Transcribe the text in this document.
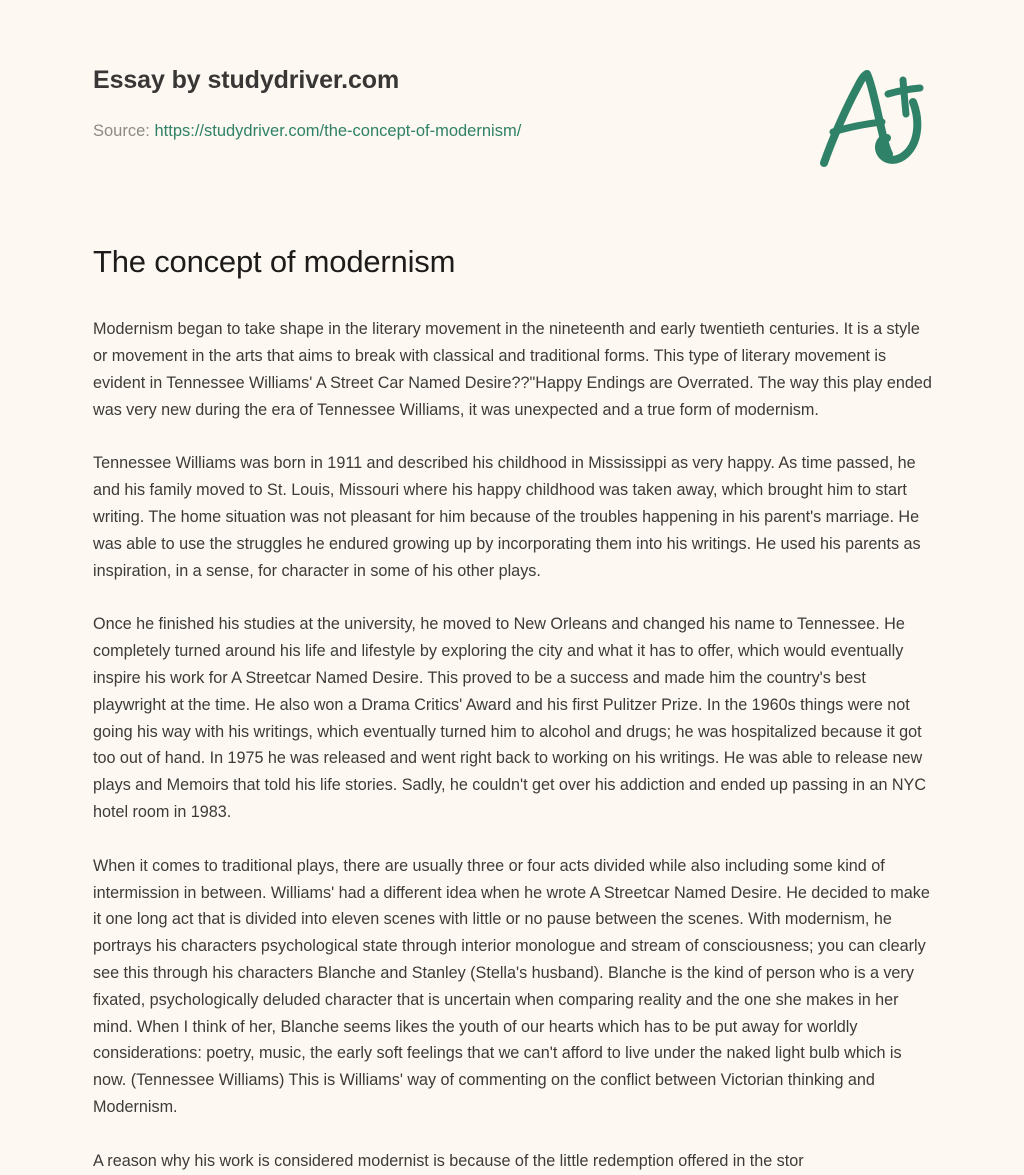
Essay by studydriver.com
Source: https://studydriver.com/the-concept-of-modernism/
The concept of modernism

Modernism began to take shape in the literary movement in the nineteenth and early twentieth centuries. It is a style or movement in the arts that aims to break with classical and traditional forms. This type of literary movement is evident in Tennessee Williams' A Street Car Named Desire??"Happy Endings are Overrated. The way this play ended was very new during the era of Tennessee Williams, it was unexpected and a true form of modernism.

Tennessee Williams was born in 1911 and described his childhood in Mississippi as very happy. As time passed, he and his family moved to St. Louis, Missouri where his happy childhood was taken away, which brought him to start writing. The home situation was not pleasant for him because of the troubles happening in his parent's marriage. He was able to use the struggles he endured growing up by incorporating them into his writings. He used his parents as inspiration, in a sense, for character in some of his other plays.

Once he finished his studies at the university, he moved to New Orleans and changed his name to Tennessee. He completely turned around his life and lifestyle by exploring the city and what it has to offer, which would eventually inspire his work for A Streetcar Named Desire. This proved to be a success and made him the country's best playwright at the time. He also won a Drama Critics' Award and his first Pulitzer Prize. In the 1960s things were not going his way with his writings, which eventually turned him to alcohol and drugs; he was hospitalized because it got too out of hand. In 1975 he was released and went right back to working on his writings. He was able to release new plays and Memoirs that told his life stories. Sadly, he couldn't get over his addiction and ended up passing in an NYC hotel room in 1983.

When it comes to traditional plays, there are usually three or four acts divided while also including some kind of intermission in between. Williams' had a different idea when he wrote A Streetcar Named Desire. He decided to make it one long act that is divided into eleven scenes with little or no pause between the scenes. With modernism, he portrays his characters psychological state through interior monologue and stream of consciousness; you can clearly see this through his characters Blanche and Stanley (Stella's husband). Blanche is the kind of person who is a very fixated, psychologically deluded character that is uncertain when comparing reality and the one she makes in her mind. When I think of her, Blanche seems likes the youth of our hearts which has to be put away for worldly considerations: poetry, music, the early soft feelings that we can't afford to live under the naked light bulb which is now. (Tennessee Williams) This is Williams' way of commenting on the conflict between Victorian thinking and Modernism.

A reason why his work is considered modernist is because of the little redemption offered in the stor
